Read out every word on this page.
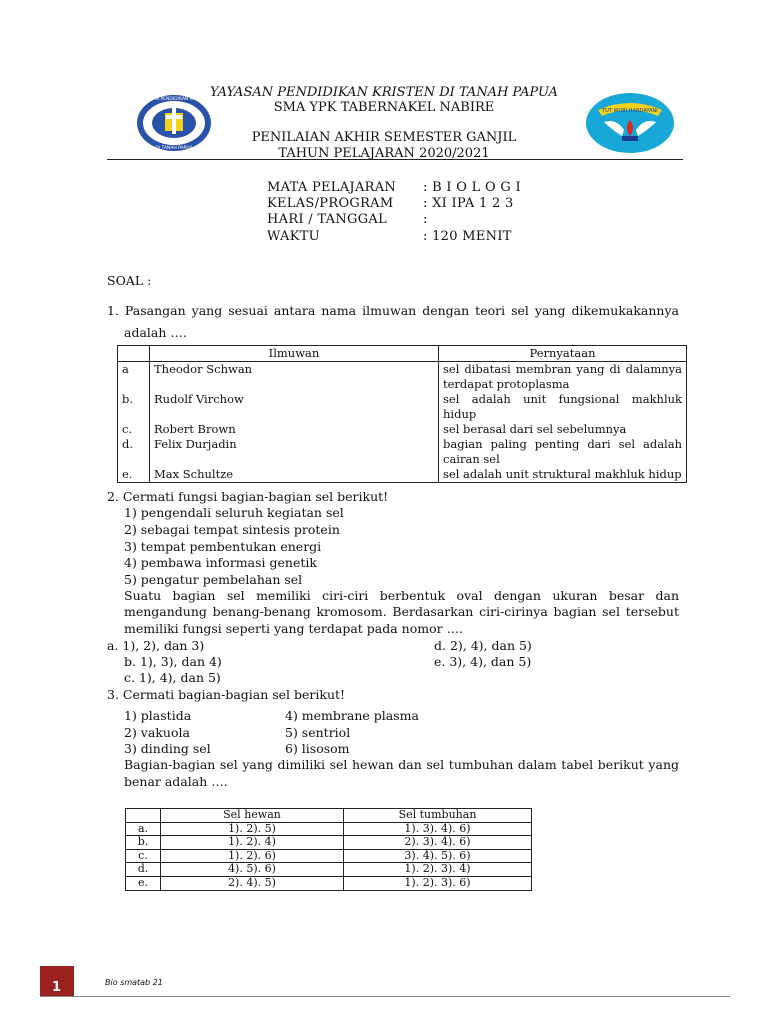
YAYASAN PENDIDIKAN KRISTEN
DI TANAH PAPUA
TUT WURI HANDAYANI
YAYASAN PENDIDIKAN KRISTEN DI TANAH PAPUA
SMA YPK TABERNAKEL NABIRE
PENILAIAN AKHIR SEMESTER GANJIL
TAHUN PELAJARAN 2020/2021
MATA PELAJARAN : B I O L O G I
KELAS/PROGRAM : XI IPA 1 2 3
HARI / TANGGAL	:
WAKTU	: 120 MENIT
SOAL :
1. Pasangan yang sesuai antara nama ilmuwan dengan teori sel yang dikemukakannya
adalah ….
	Ilmuwan	Pernyataan
a	Theodor Schwan	sel dibatasi membran yang di dalamnya
terdapat protoplasma

b.	Rudolf Virchow	sel adalah unit fungsional makhluk hidup
c.	Robert Brown	sel berasal dari sel sebelumnya
d.	Felix Durjadin	bagian paling penting dari sel adalah
cairan sel

e.	Max Schultze	sel adalah unit struktural makhluk hidup
2. Cermati fungsi bagian-bagian sel berikut!
1) pengendali seluruh kegiatan sel
2) sebagai tempat sintesis protein
3) tempat pembentukan energi
4) pembawa informasi genetik
5) pengatur pembelahan sel
Suatu bagian sel memiliki ciri-ciri berbentuk oval dengan ukuran besar dan
mengandung benang-benang kromosom. Berdasarkan ciri-cirinya bagian sel tersebut
memiliki fungsi seperti yang terdapat pada nomor ….
a. 1), 2), dan 3)	d. 2), 4), dan 5)
b. 1), 3), dan 4)	e. 3), 4), dan 5)
c. 1), 4), dan 5)
3. Cermati bagian-bagian sel berikut!
1) plastida	4) membrane plasma
2) vakuola	5) sentriol
3) dinding sel	6) lisosom
Bagian-bagian sel yang dimiliki sel hewan dan sel tumbuhan dalam tabel berikut yang
benar adalah ….
	Sel hewan	Sel tumbuhan
a.	1). 2). 5)	1). 3). 4). 6)
b.	1). 2). 4)	2). 3). 4). 6)
c.	1). 2). 6)	3). 4). 5). 6)
d.	4). 5). 6)	1). 2). 3). 4)
e.	2). 4). 5)	1). 2). 3). 6)
1	Bio smatab 21
